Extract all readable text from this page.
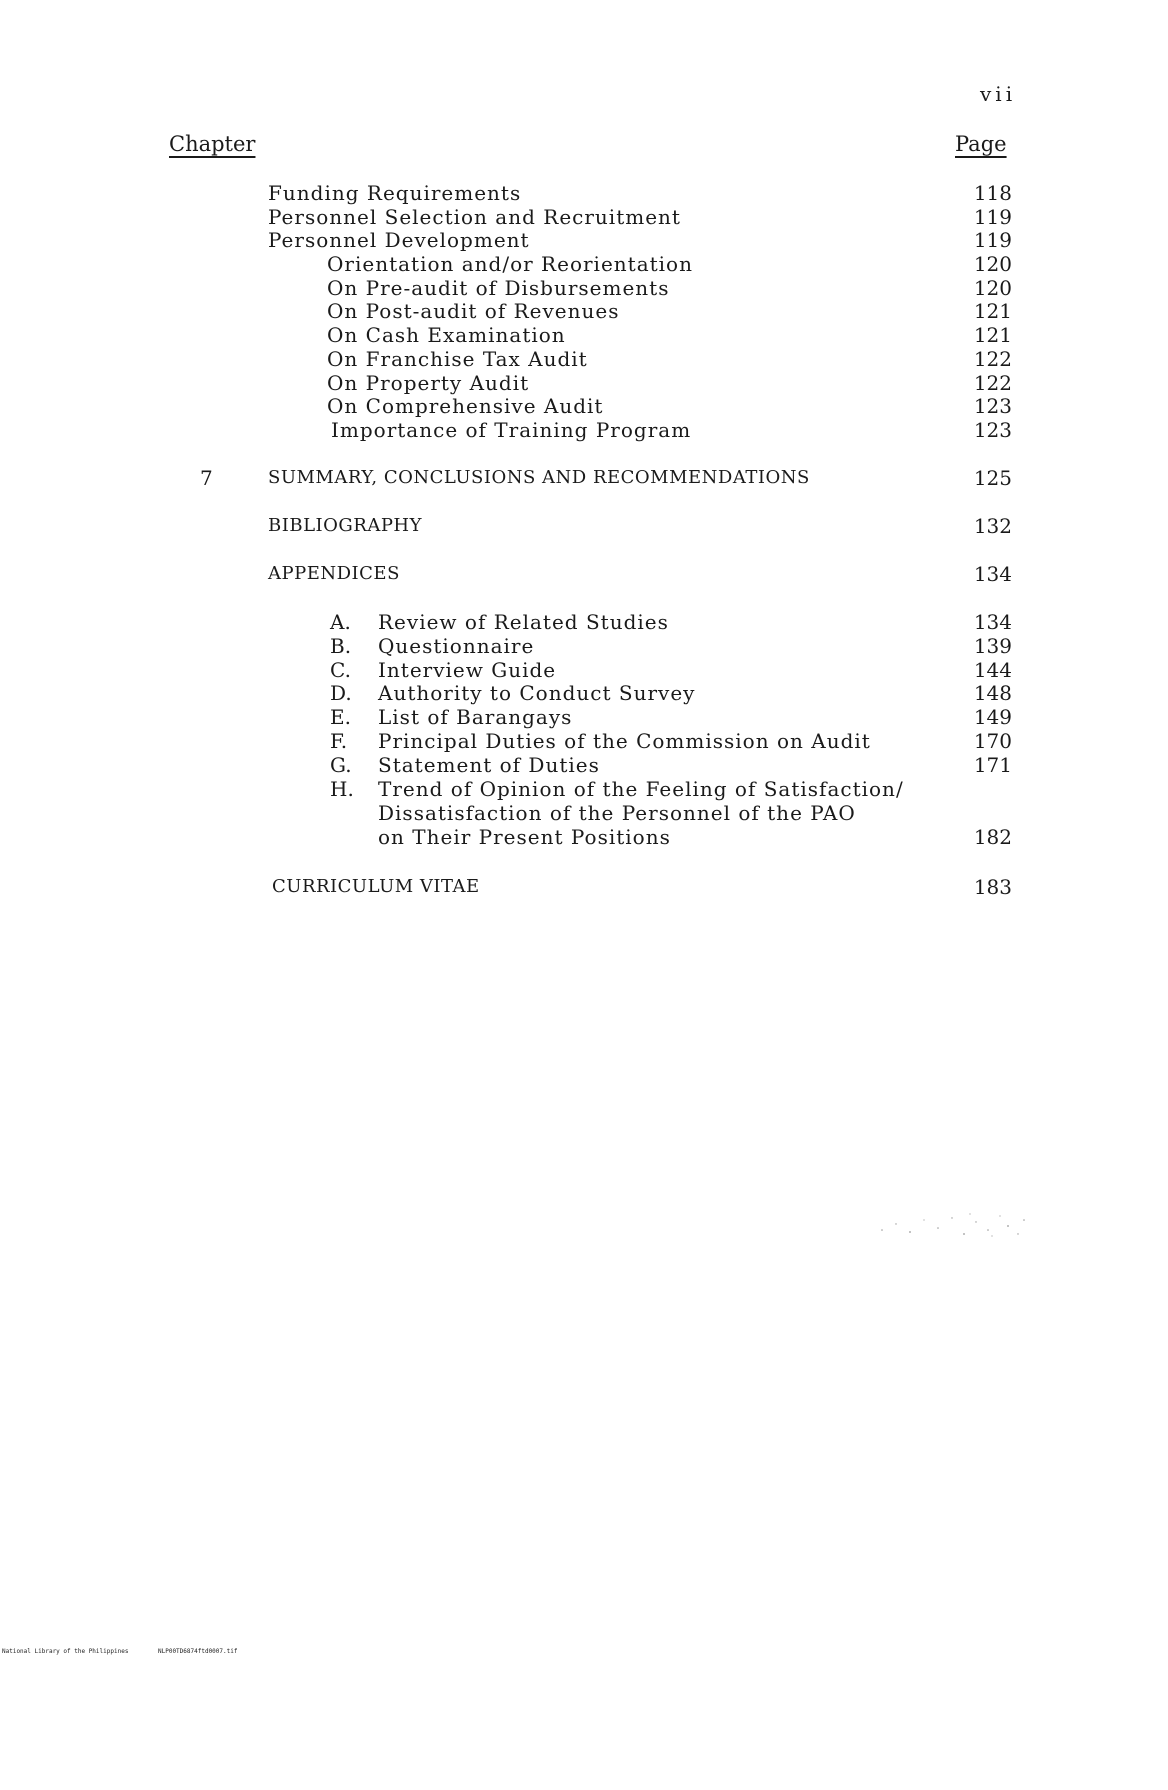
vii
Chapter	Page
Funding Requirements	118
Personnel Selection and Recruitment	119
Personnel Development	119
Orientation and/or Reorientation	120
On Pre-audit of Disbursements	120
On Post-audit of Revenues	121
On Cash Examination	121
On Franchise Tax Audit	122
On Property Audit	122
On Comprehensive Audit	123
Importance of Training Program	123
7	SUMMARY, CONCLUSIONS AND RECOMMENDATIONS	125
BIBLIOGRAPHY	132
APPENDICES	134
A.	Review of Related Studies	134
B.	Questionnaire	139
C.	Interview Guide	144
D.	Authority to Conduct Survey	148
E.	List of Barangays	149
F.	Principal Duties of the Commission on Audit	170
G.	Statement of Duties	171
H.	Trend of Opinion of the Feeling of Satisfaction/
Dissatisfaction of the Personnel of the PAO
on Their Present Positions	182
CURRICULUM VITAE	183
National Library of the Philippines	NLP00TD6874ftd0007.tif
